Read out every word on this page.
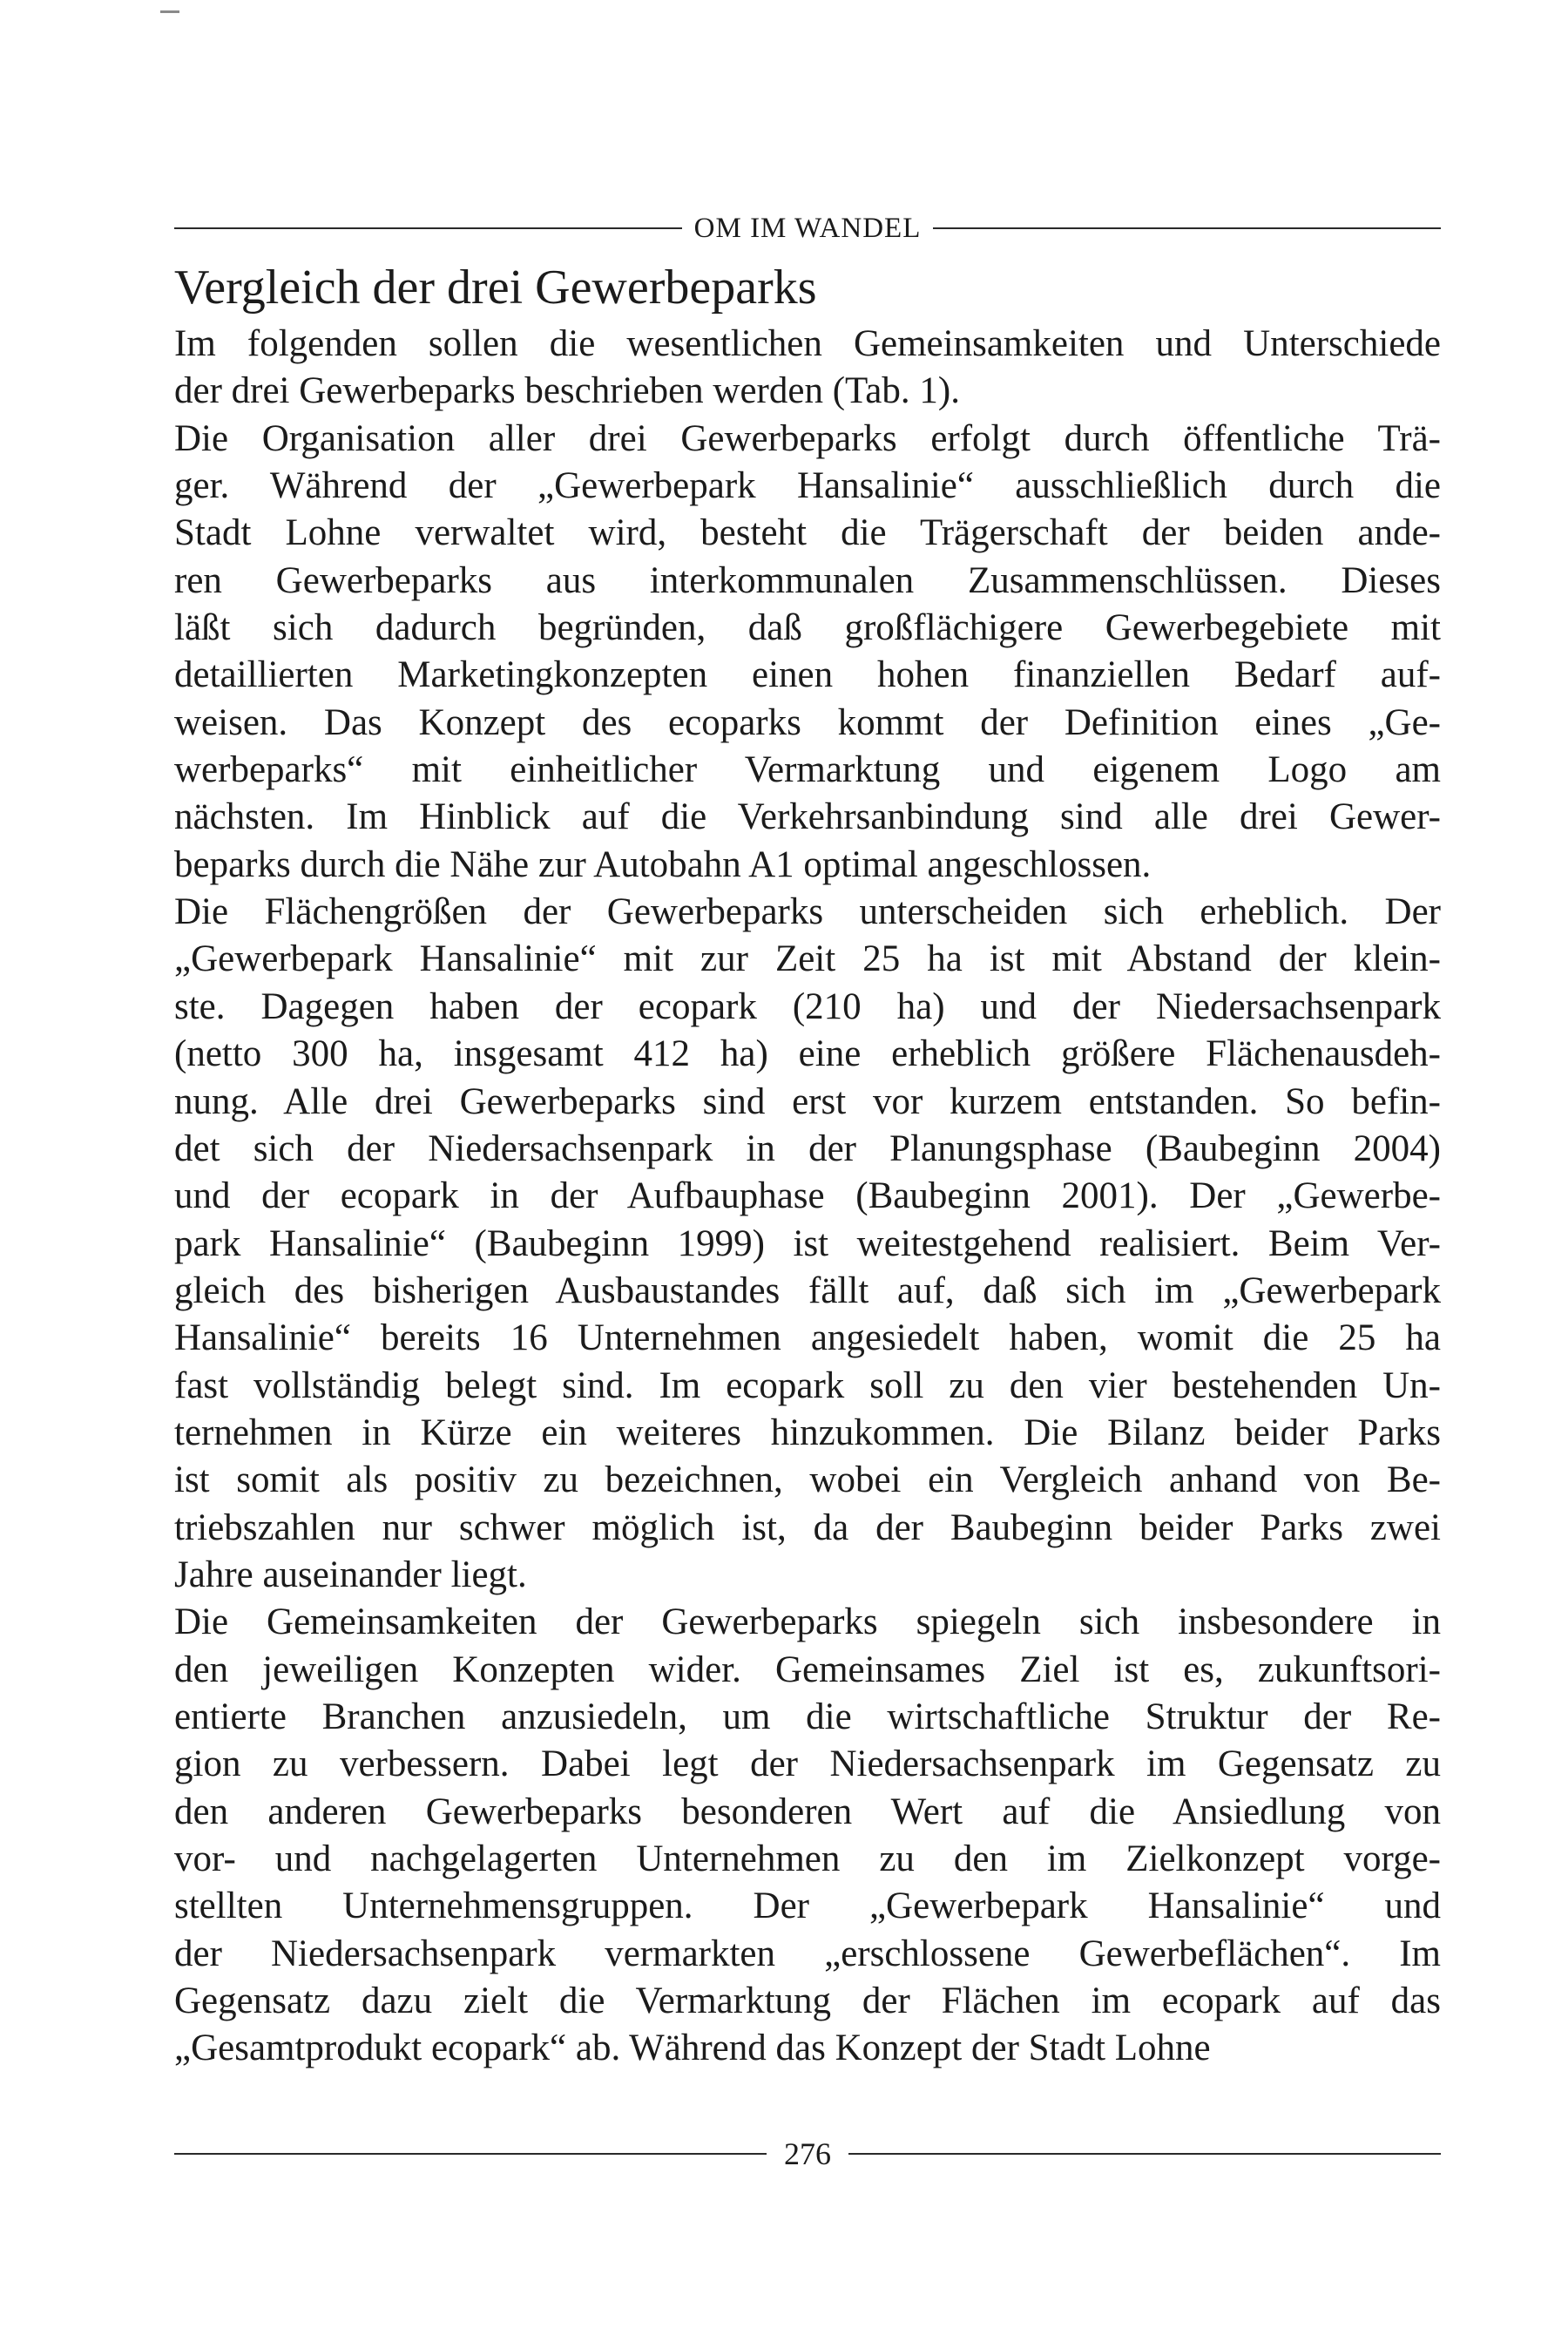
OM IM WANDEL
Vergleich der drei Gewerbeparks
Im folgenden sollen die wesentlichen Gemeinsamkeiten und Unterschiede
der drei Gewerbeparks beschrieben werden (Tab. 1).
Die Organisation aller drei Gewerbeparks erfolgt durch öffentliche Trä-
ger. Während der „Gewerbepark Hansalinie“ ausschließlich durch die
Stadt Lohne verwaltet wird, besteht die Trägerschaft der beiden ande-
ren Gewerbeparks aus interkommunalen Zusammenschlüssen. Dieses
läßt sich dadurch begründen, daß großflächigere Gewerbegebiete mit
detaillierten Marketingkonzepten einen hohen finanziellen Bedarf auf-
weisen. Das Konzept des ecoparks kommt der Definition eines „Ge-
werbeparks“ mit einheitlicher Vermarktung und eigenem Logo am
nächsten. Im Hinblick auf die Verkehrsanbindung sind alle drei Gewer-
beparks durch die Nähe zur Autobahn A1 optimal angeschlossen.
Die Flächengrößen der Gewerbeparks unterscheiden sich erheblich. Der
„Gewerbepark Hansalinie“ mit zur Zeit 25 ha ist mit Abstand der klein-
ste. Dagegen haben der ecopark (210 ha) und der Niedersachsenpark
(netto 300 ha, insgesamt 412 ha) eine erheblich größere Flächenausdeh-
nung. Alle drei Gewerbeparks sind erst vor kurzem entstanden. So befin-
det sich der Niedersachsenpark in der Planungsphase (Baubeginn 2004)
und der ecopark in der Aufbauphase (Baubeginn 2001). Der „Gewerbe-
park Hansalinie“ (Baubeginn 1999) ist weitestgehend realisiert. Beim Ver-
gleich des bisherigen Ausbaustandes fällt auf, daß sich im „Gewerbepark
Hansalinie“ bereits 16 Unternehmen angesiedelt haben, womit die 25 ha
fast vollständig belegt sind. Im ecopark soll zu den vier bestehenden Un-
ternehmen in Kürze ein weiteres hinzukommen. Die Bilanz beider Parks
ist somit als positiv zu bezeichnen, wobei ein Vergleich anhand von Be-
triebszahlen nur schwer möglich ist, da der Baubeginn beider Parks zwei
Jahre auseinander liegt.
Die Gemeinsamkeiten der Gewerbeparks spiegeln sich insbesondere in
den jeweiligen Konzepten wider. Gemeinsames Ziel ist es, zukunftsori-
entierte Branchen anzusiedeln, um die wirtschaftliche Struktur der Re-
gion zu verbessern. Dabei legt der Niedersachsenpark im Gegensatz zu
den anderen Gewerbeparks besonderen Wert auf die Ansiedlung von
vor- und nachgelagerten Unternehmen zu den im Zielkonzept vorge-
stellten Unternehmensgruppen. Der „Gewerbepark Hansalinie“ und
der Niedersachsenpark vermarkten „erschlossene Gewerbeflächen“. Im
Gegensatz dazu zielt die Vermarktung der Flächen im ecopark auf das
„Gesamtprodukt ecopark“ ab. Während das Konzept der Stadt Lohne
276
